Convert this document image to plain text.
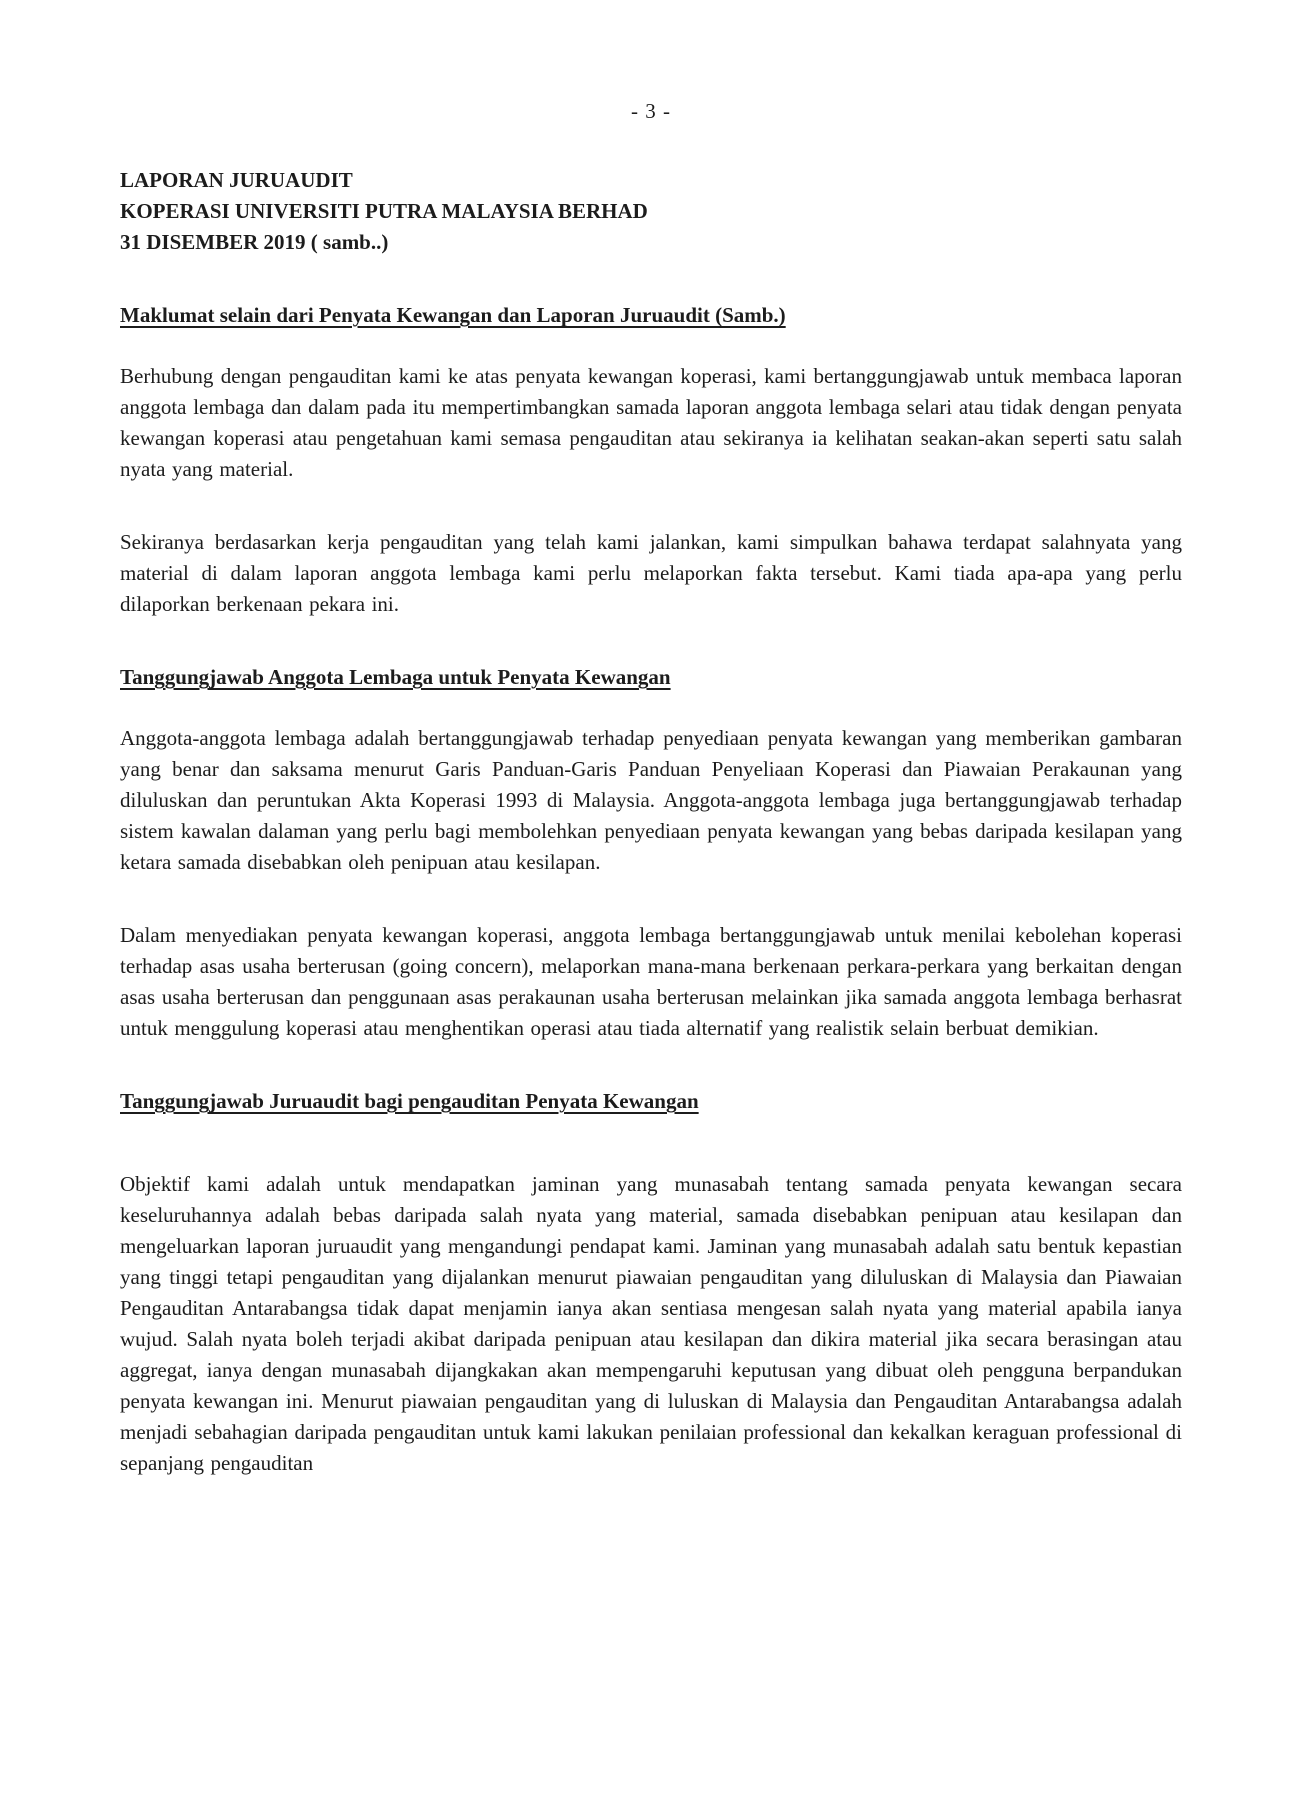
- 3 -
LAPORAN JURUAUDIT
KOPERASI UNIVERSITI PUTRA MALAYSIA BERHAD
31 DISEMBER 2019 ( samb..)
Maklumat selain dari Penyata Kewangan dan Laporan Juruaudit (Samb.)

Berhubung dengan pengauditan kami ke atas penyata kewangan koperasi, kami bertanggungjawab untuk membaca laporan anggota lembaga dan dalam pada itu mempertimbangkan samada laporan anggota lembaga selari atau tidak dengan penyata kewangan koperasi atau pengetahuan kami semasa pengauditan atau sekiranya ia kelihatan seakan-akan seperti satu salah nyata yang material.

Sekiranya berdasarkan kerja pengauditan yang telah kami jalankan, kami simpulkan bahawa terdapat salahnyata yang material di dalam laporan anggota lembaga kami perlu melaporkan fakta tersebut. Kami tiada apa-apa yang perlu dilaporkan berkenaan pekara ini.

Tanggungjawab Anggota Lembaga untuk Penyata Kewangan

Anggota-anggota lembaga adalah bertanggungjawab terhadap penyediaan penyata kewangan yang memberikan gambaran yang benar dan saksama menurut Garis Panduan-Garis Panduan Penyeliaan Koperasi dan Piawaian Perakaunan yang diluluskan dan peruntukan Akta Koperasi 1993 di Malaysia. Anggota-anggota lembaga juga bertanggungjawab terhadap sistem kawalan dalaman yang perlu bagi membolehkan penyediaan penyata kewangan yang bebas daripada kesilapan yang ketara samada disebabkan oleh penipuan atau kesilapan.

Dalam menyediakan penyata kewangan koperasi, anggota lembaga bertanggungjawab untuk menilai kebolehan koperasi terhadap asas usaha berterusan (going concern), melaporkan mana-mana berkenaan perkara-perkara yang berkaitan dengan asas usaha berterusan dan penggunaan asas perakaunan usaha berterusan melainkan jika samada anggota lembaga berhasrat untuk menggulung koperasi atau menghentikan operasi atau tiada alternatif yang realistik selain berbuat demikian.

Tanggungjawab Juruaudit bagi pengauditan Penyata Kewangan

Objektif kami adalah untuk mendapatkan jaminan yang munasabah tentang samada penyata kewangan secara keseluruhannya adalah bebas daripada salah nyata yang material, samada disebabkan penipuan atau kesilapan dan mengeluarkan laporan juruaudit yang mengandungi pendapat kami. Jaminan yang munasabah adalah satu bentuk kepastian yang tinggi tetapi pengauditan yang dijalankan menurut piawaian pengauditan yang diluluskan di Malaysia dan Piawaian Pengauditan Antarabangsa tidak dapat menjamin ianya akan sentiasa mengesan salah nyata yang material apabila ianya wujud. Salah nyata boleh terjadi akibat daripada penipuan atau kesilapan dan dikira material jika secara berasingan atau aggregat, ianya dengan munasabah dijangkakan akan mempengaruhi keputusan yang dibuat oleh pengguna berpandukan penyata kewangan ini. Menurut piawaian pengauditan yang di luluskan di Malaysia dan Pengauditan Antarabangsa adalah menjadi sebahagian daripada pengauditan untuk kami lakukan penilaian professional dan kekalkan keraguan professional di sepanjang pengauditan
